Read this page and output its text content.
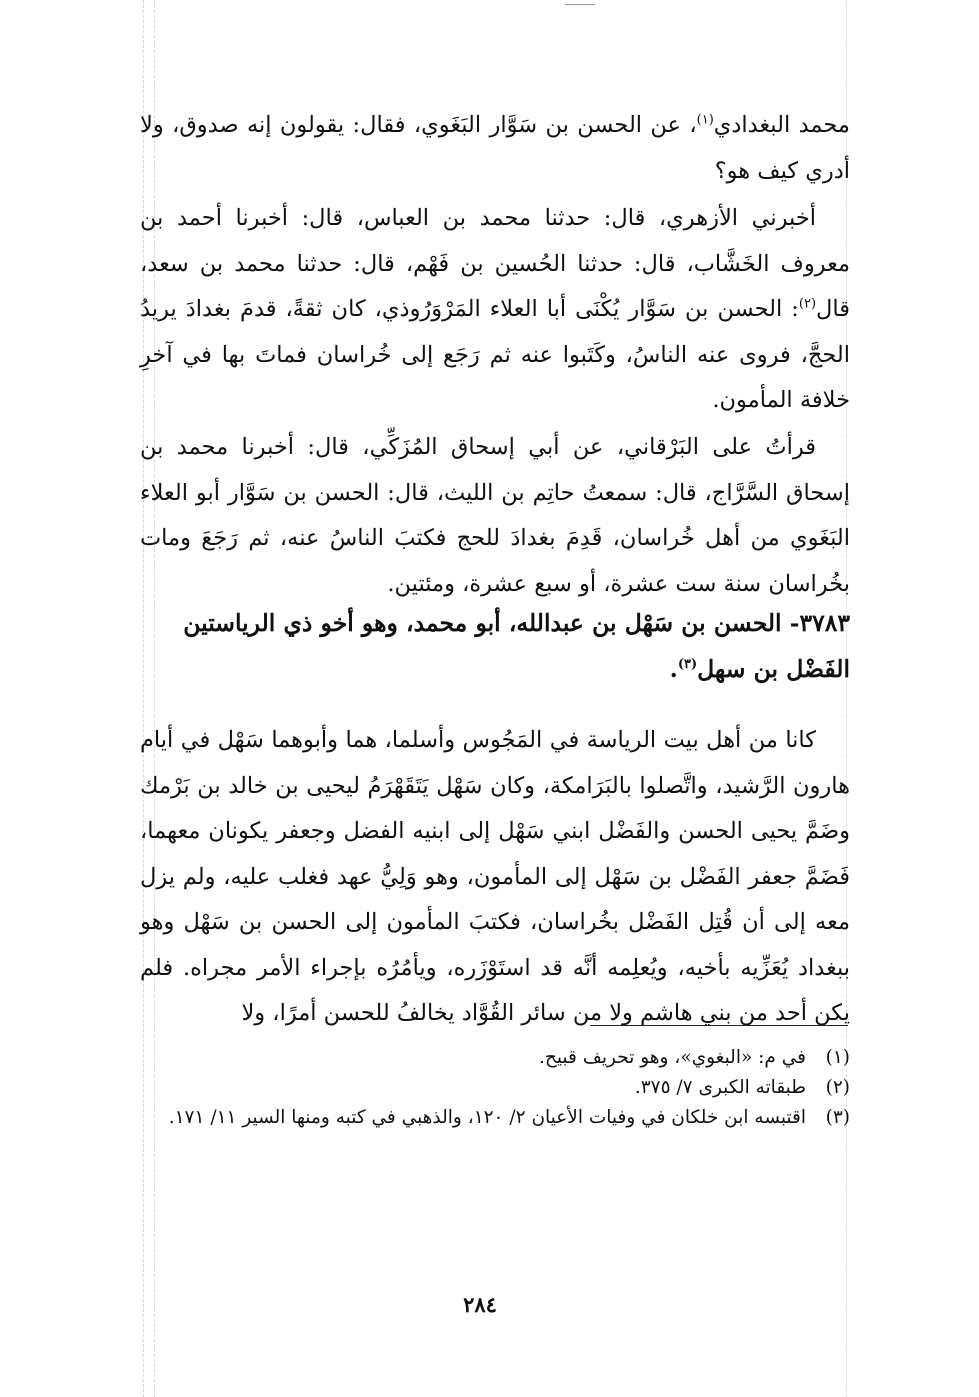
محمد البغدادي$^{(١)}$، عن الحسن بن سَوَّار البَغَوي، فقال: يقولون إنه صدوق، ولا أدري كيف هو؟

أخبرني الأزهري، قال: حدثنا محمد بن العباس، قال: أخبرنا أحمد بن معروف الخَشَّاب، قال: حدثنا الحُسين بن فَهْم، قال: حدثنا محمد بن سعد، قال$^{(٢)}$: الحسن بن سَوَّار يُكْنَى أبا العلاء المَرْوَرُوذي، كان ثقةً، قدمَ بغدادَ يريدُ الحجَّ، فروى عنه الناسُ، وكَتَبوا عنه ثم رَجَع إلى خُراسان فماتَ بها في آخرِ خلافة المأمون.

قرأتُ على البَرْقاني، عن أبي إسحاق المُزَكِّي، قال: أخبرنا محمد بن إسحاق السَّرَّاج، قال: سمعتُ حاتِم بن الليث، قال: الحسن بن سَوَّار أبو العلاء البَغَوي من أهل خُراسان، قَدِمَ بغدادَ للحج فكتبَ الناسُ عنه، ثم رَجَعَ ومات بخُراسان سنة ست عشرة، أو سبع عشرة، ومئتين.

٣٧٨٣- الحسن بن سَهْل بن عبدالله، أبو محمد، وهو أخو ذي الرياستين الفَضْل بن سهل$^{(٣)}$.

كانا من أهل بيت الرياسة في المَجُوس وأسلما، هما وأبوهما سَهْل في أيام هارون الرَّشيد، واتَّصلوا بالبَرَامكة، وكان سَهْل يَتَقَهْرَمُ ليحيى بن خالد بن بَرْمك وضَمَّ يحيى الحسن والفَضْل ابني سَهْل إلى ابنيه الفضل وجعفر يكونان معهما، فَضَمَّ جعفر الفَضْل بن سَهْل إلى المأمون، وهو وَلِيُّ عهد فغلب عليه، ولم يزل معه إلى أن قُتِل الفَضْل بخُراسان، فكتبَ المأمون إلى الحسن بن سَهْل وهو ببغداد يُعَزِّيه بأخيه، ويُعلِمه أنَّه قد استَوْزَره، ويأمُرُه بإجراء الأمر مجراه. فلم يكن أحد من بني هاشم ولا من سائر القُوَّاد يخالفُ للحسن أمرًا، ولا

(١)
في م: «البغوي»، وهو تحريف قبيح.
(٢)
طبقاته الكبرى ٧/ ٣٧٥.
(٣)
اقتبسه ابن خلكان في وفيات الأعيان ٢/ ١٢٠، والذهبي في كتبه ومنها السير ١١/ ١٧١.
٢٨٤
